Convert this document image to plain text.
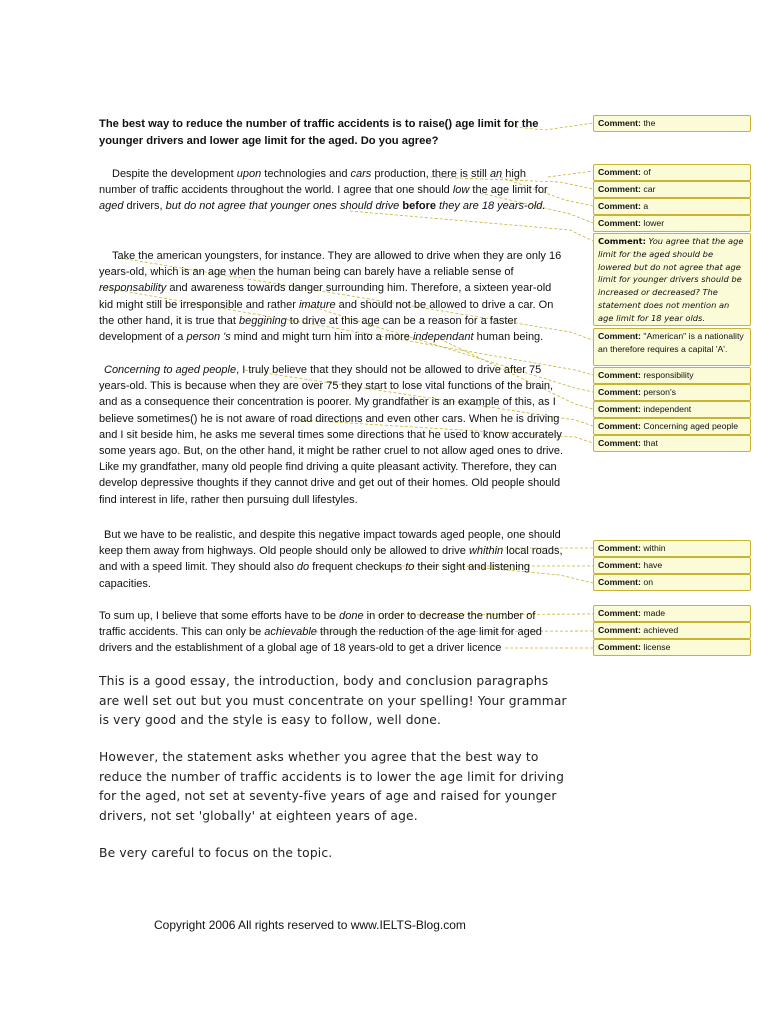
The best way to reduce the number of traffic accidents is to raise() age limit for the younger drivers and lower age limit for the aged. Do you agree?

Despite the development upon technologies and cars production, there is still an high number of traffic accidents throughout the world. I agree that one should low the age limit for aged drivers, but do not agree that younger ones should drive before they are 18 years-old.

Take the american youngsters, for instance. They are allowed to drive when they are only 16 years-old, which is an age when the human being can barely have a reliable sense of responsability and awareness towards danger surrounding him. Therefore, a sixteen year-old kid might still be irresponsible and rather imature and should not be allowed to drive a car. On the other hand, it is true that beggining to drive at this age can be a reason for a faster development of a person 's mind and might turn him into a more independant human being.

Concerning to aged people, I truly believe that they should not be allowed to drive after 75 years-old. This is because when they are over 75 they start to lose vital functions of the brain, and as a consequence their concentration is poorer. My grandfather is an example of this, as I believe sometimes() he is not aware of road directions and even other cars. When he is driving and I sit beside him, he asks me several times some directions that he used to know accurately some years ago. But, on the other hand, it might be rather cruel to not allow aged ones to drive. Like my grandfather, many old people find driving a quite pleasant activity. Therefore, they can develop depressive thoughts if they cannot drive and get out of their homes. Old people should find interest in life, rather then pursuing dull lifestyles.

But we have to be realistic, and despite this negative impact towards aged people, one should keep them away from highways. Old people should only be allowed to drive whithin local roads, and with a speed limit. They should also do frequent checkups to their sight and listening capacities.

To sum up, I believe that some efforts have to be done in order to decrease the number of traffic accidents. This can only be achievable through the reduction of the age limit for aged drivers and the establishment of a global age of 18 years-old to get a driver licence

This is a good essay, the introduction, body and conclusion paragraphs are well set out but you must concentrate on your spelling! Your grammar is very good and the style is easy to follow, well done.
However, the statement asks whether you agree that the best way to reduce the number of traffic accidents is to lower the age limit for driving for the aged, not set at seventy-five years of age and raised for younger drivers, not set 'globally' at eighteen years of age.
Be very careful to focus on the topic.
Comment: the
Comment: of
Comment: car
Comment: a
Comment: lower
Comment: You agree that the age limit for the aged should be lowered but do not agree that age limit for younger drivers should be increased or decreased? The statement does not mention an age limit for 18 year olds.
Comment: "American" is a nationality an therefore requires a capital 'A'.
Comment: responsibility
Comment: person's
Comment: independent
Comment: Concerning aged people
Comment: that
Comment: within
Comment: have
Comment: on
Comment: made
Comment: achieved
Comment: license
Copyright 2006 All rights reserved to www.IELTS-Blog.com
